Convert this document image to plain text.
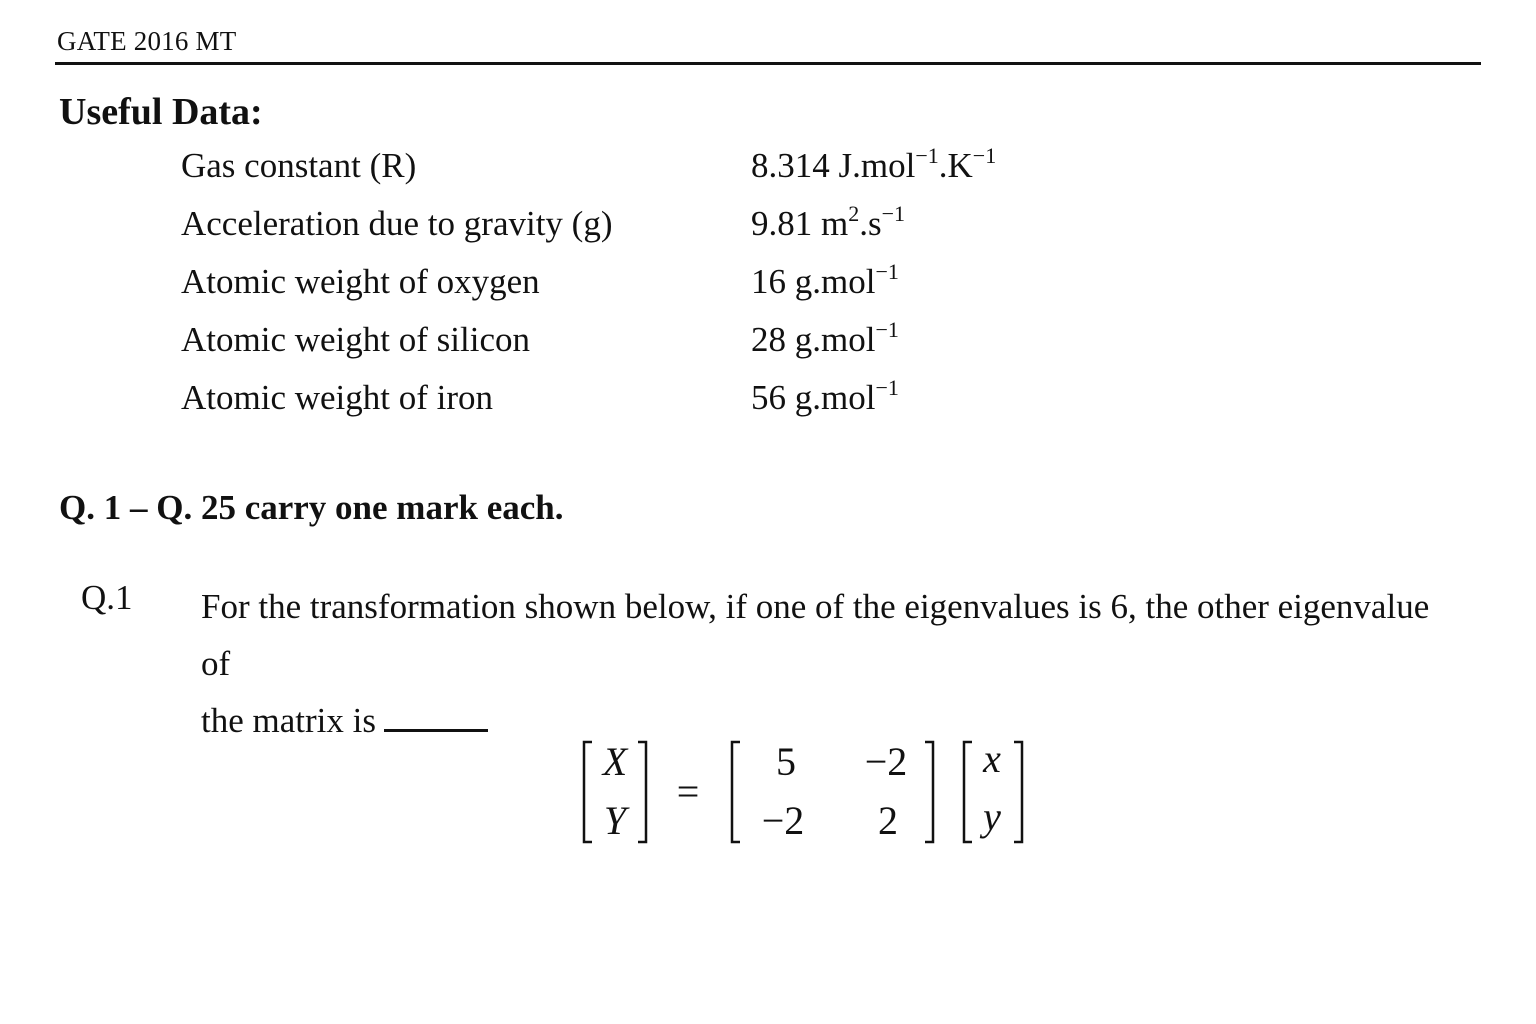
GATE 2016 MT
Useful Data:
Gas constant (R)	8.314 $J.mol^{-1}.K^{-1}$
Acceleration due to gravity (g)	9.81 $m^2.s^{-1}$
Atomic weight of oxygen	16 g.mol$^{-1}$
Atomic weight of silicon	28 g.mol$^{-1}$
Atomic weight of iron	56 g.mol$^{-1}$
Q. 1 – Q. 25 carry one mark each.
Q.1 For the transformation shown below, if one of the eigenvalues is 6, the other eigenvalue of
the matrix is
X
Y
=
5 −2
−2 2
x
y
